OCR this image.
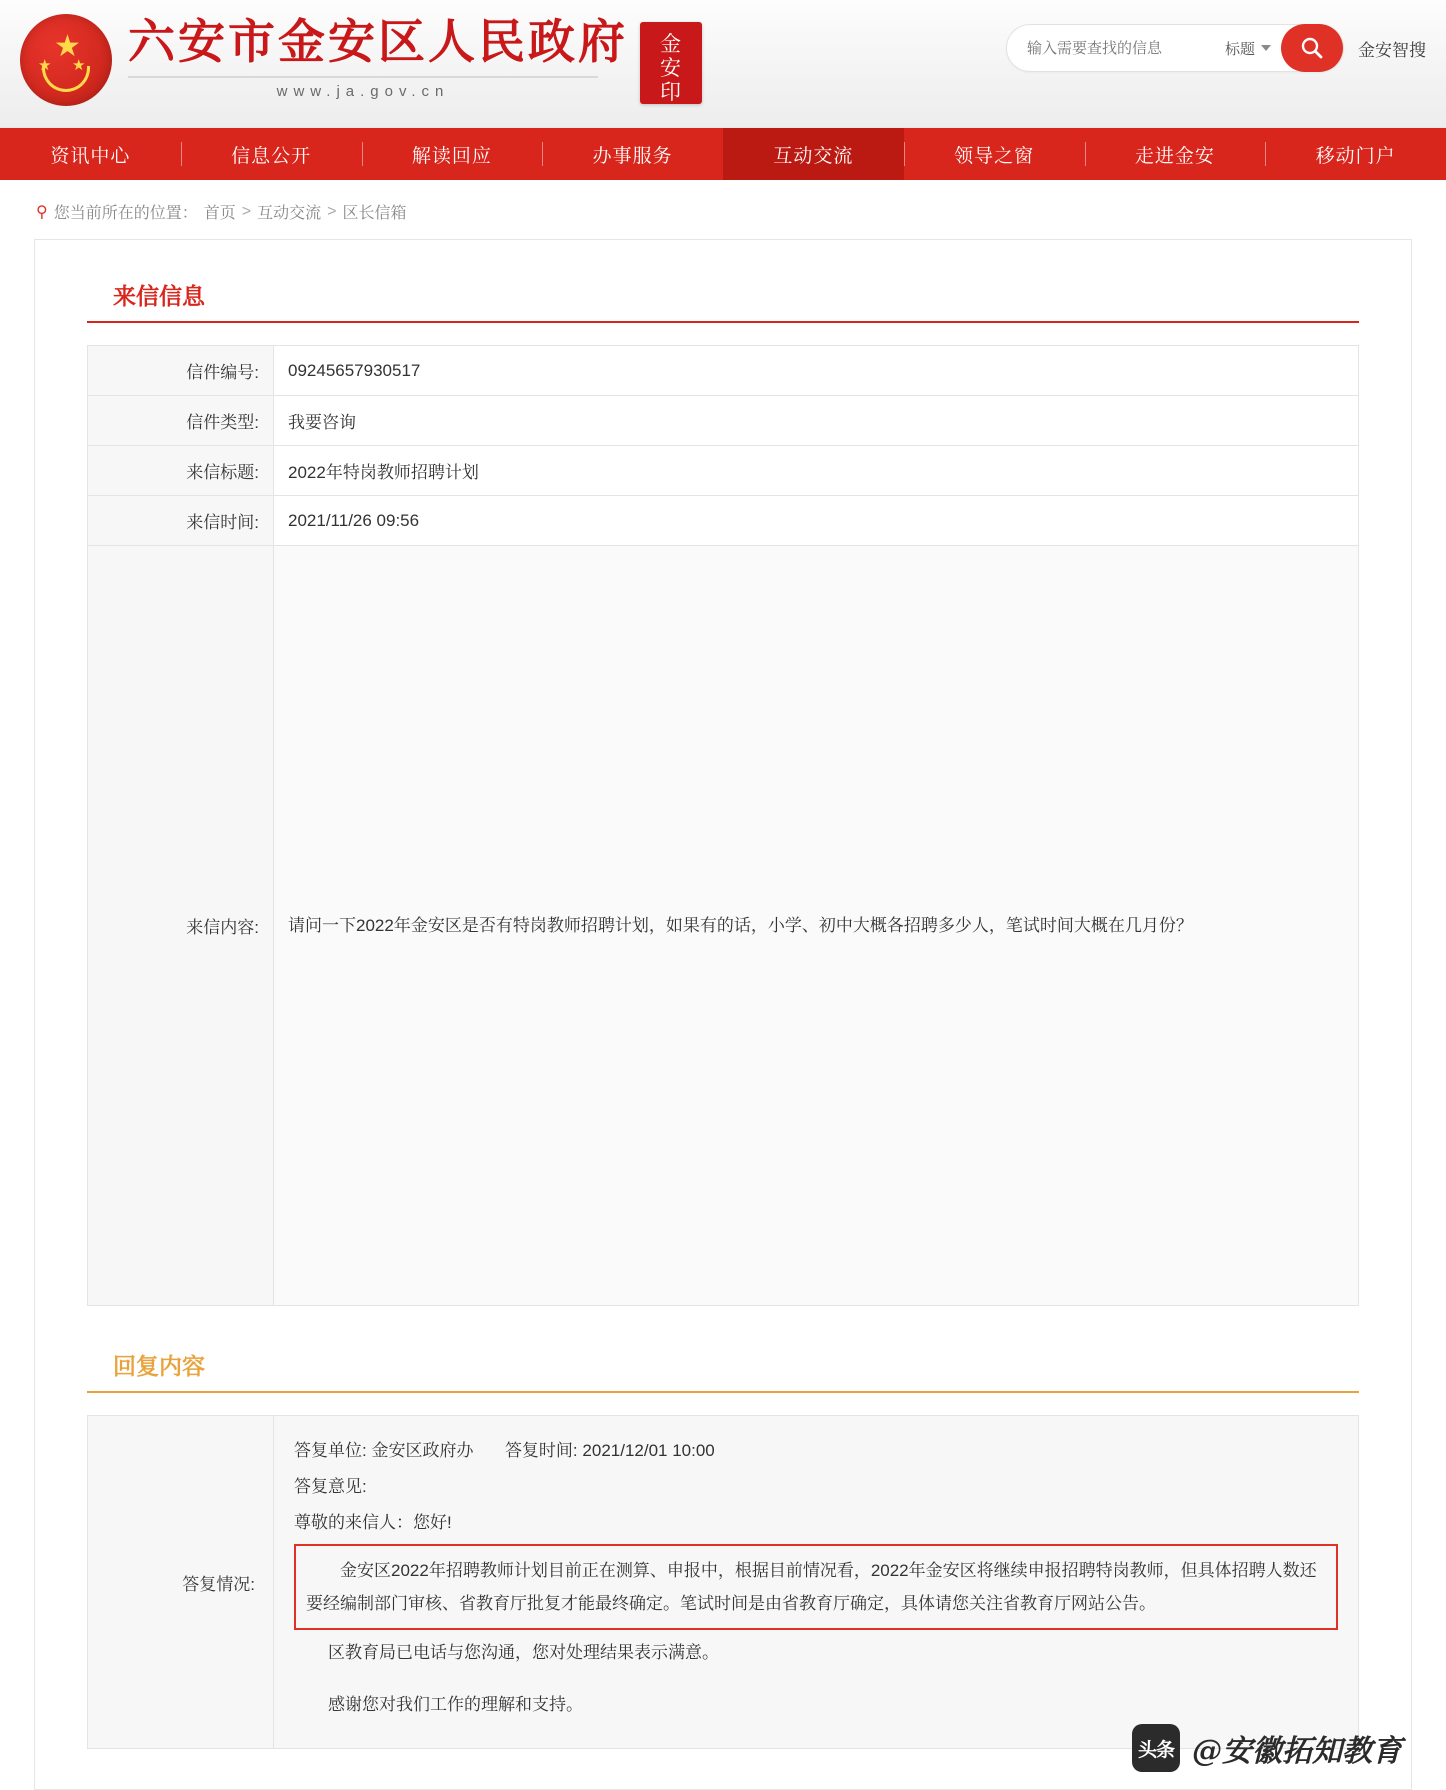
★
★ ★ 六安市金安区人民政府
www.ja.gov.cn
金
安
印
输入需要查找的信息
标题	金安智搜
资讯中心	信息公开	解读回应	办事服务	互动交流	领导之窗	走进金安	移动门户
⚲ 您当前所在的位置： 首页 > 互动交流 > 区长信箱
来信信息
信件编号:	09245657930517
信件类型:	我要咨询
来信标题:	2022年特岗教师招聘计划
来信时间:	2021/11/26 09:56
来信内容:	请问一下2022年金安区是否有特岗教师招聘计划，如果有的话，小学、初中大概各招聘多少人，笔试时间大概在几月份？
回复内容
答复情况:	
答复单位: 金安区政府办 答复时间: 2021/12/01 10:00
答复意见:
尊敬的来信人：您好!
金安区2022年招聘教师计划目前正在测算、申报中，根据目前情况看，2022年金安区将继续申报招聘特岗教师，但具体招聘人数还要经编制部门审核、省教育厅批复才能最终确定。笔试时间是由省教育厅确定，具体请您关注省教育厅网站公告。
区教育局已电话与您沟通，您对处理结果表示满意。
感谢您对我们工作的理解和支持。
头条 @安徽拓知教育
